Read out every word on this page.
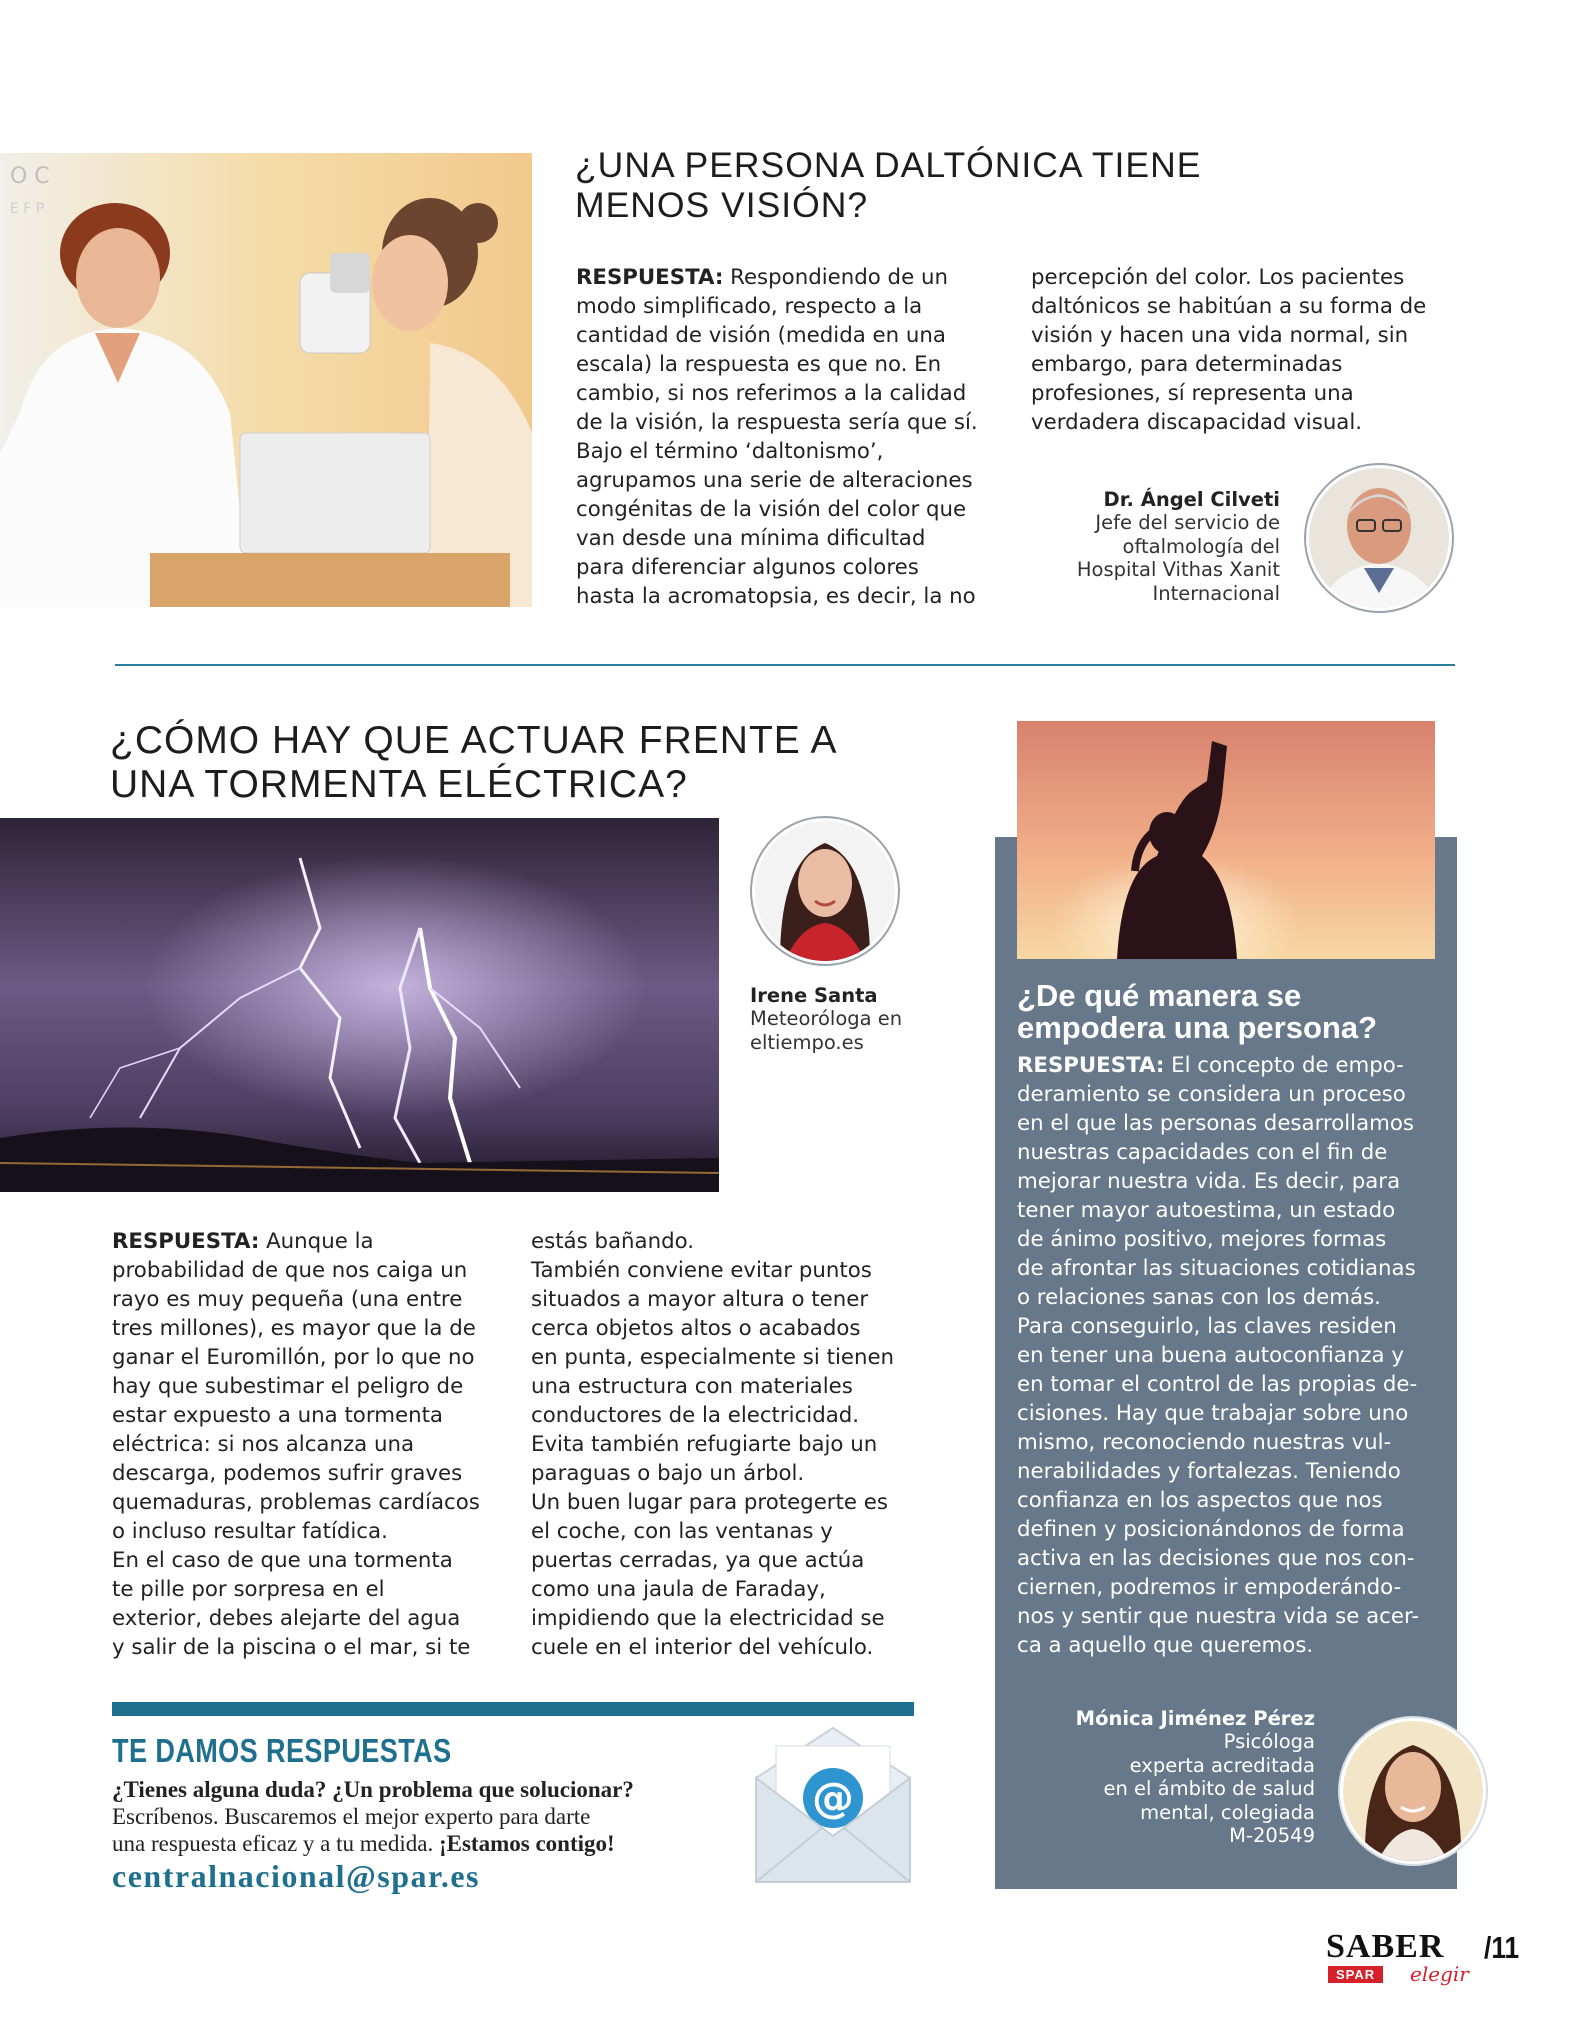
O C
E F P
¿UNA PERSONA DALTÓNICA TIENE
MENOS VISIÓN?
RESPUESTA: Respondiendo de un
modo simplificado, respecto a la
cantidad de visión (medida en una
escala) la respuesta es que no. En
cambio, si nos referimos a la calidad
de la visión, la respuesta sería que sí.
Bajo el término ‘daltonismo’,
agrupamos una serie de alteraciones
congénitas de la visión del color que
van desde una mínima dificultad
para diferenciar algunos colores
hasta la acromatopsia, es decir, la no
percepción del color. Los pacientes
daltónicos se habitúan a su forma de
visión y hacen una vida normal, sin
embargo, para determinadas
profesiones, sí representa una
verdadera discapacidad visual.
Dr. Ángel Cilveti
Jefe del servicio de
oftalmología del
Hospital Vithas Xanit
Internacional
¿CÓMO HAY QUE ACTUAR FRENTE A
UNA TORMENTA ELÉCTRICA?
Irene Santa
Meteoróloga en
eltiempo.es
RESPUESTA: Aunque la
probabilidad de que nos caiga un
rayo es muy pequeña (una entre
tres millones), es mayor que la de
ganar el Euromillón, por lo que no
hay que subestimar el peligro de
estar expuesto a una tormenta
eléctrica: si nos alcanza una
descarga, podemos sufrir graves
quemaduras, problemas cardíacos
o incluso resultar fatídica.
En el caso de que una tormenta
te pille por sorpresa en el
exterior, debes alejarte del agua
y salir de la piscina o el mar, si te
estás bañando.
También conviene evitar puntos
situados a mayor altura o tener
cerca objetos altos o acabados
en punta, especialmente si tienen
una estructura con materiales
conductores de la electricidad.
Evita también refugiarte bajo un
paraguas o bajo un árbol.
Un buen lugar para protegerte es
el coche, con las ventanas y
puertas cerradas, ya que actúa
como una jaula de Faraday,
impidiendo que la electricidad se
cuele en el interior del vehículo.
¿De qué manera se
empodera una persona?
RESPUESTA: El concepto de empo-
deramiento se considera un proceso
en el que las personas desarrollamos
nuestras capacidades con el fin de
mejorar nuestra vida. Es decir, para
tener mayor autoestima, un estado
de ánimo positivo, mejores formas
de afrontar las situaciones cotidianas
o relaciones sanas con los demás.
Para conseguirlo, las claves residen
en tener una buena autoconfianza y
en tomar el control de las propias de-
cisiones. Hay que trabajar sobre uno
mismo, reconociendo nuestras vul-
nerabilidades y fortalezas. Teniendo
confianza en los aspectos que nos
definen y posicionándonos de forma
activa en las decisiones que nos con-
ciernen, podremos ir empoderándo-
nos y sentir que nuestra vida se acer-
ca a aquello que queremos.
Mónica Jiménez Pérez
Psicóloga
experta acreditada
en el ámbito de salud
mental, colegiada
M-20549
TE DAMOS RESPUESTAS
¿Tienes alguna duda? ¿Un problema que solucionar?
Escríbenos. Buscaremos el mejor experto para darte
una respuesta eficaz y a tu medida. ¡Estamos contigo!
centralnacional@spar.es
@
SABER
SPAR	elegir
/11
